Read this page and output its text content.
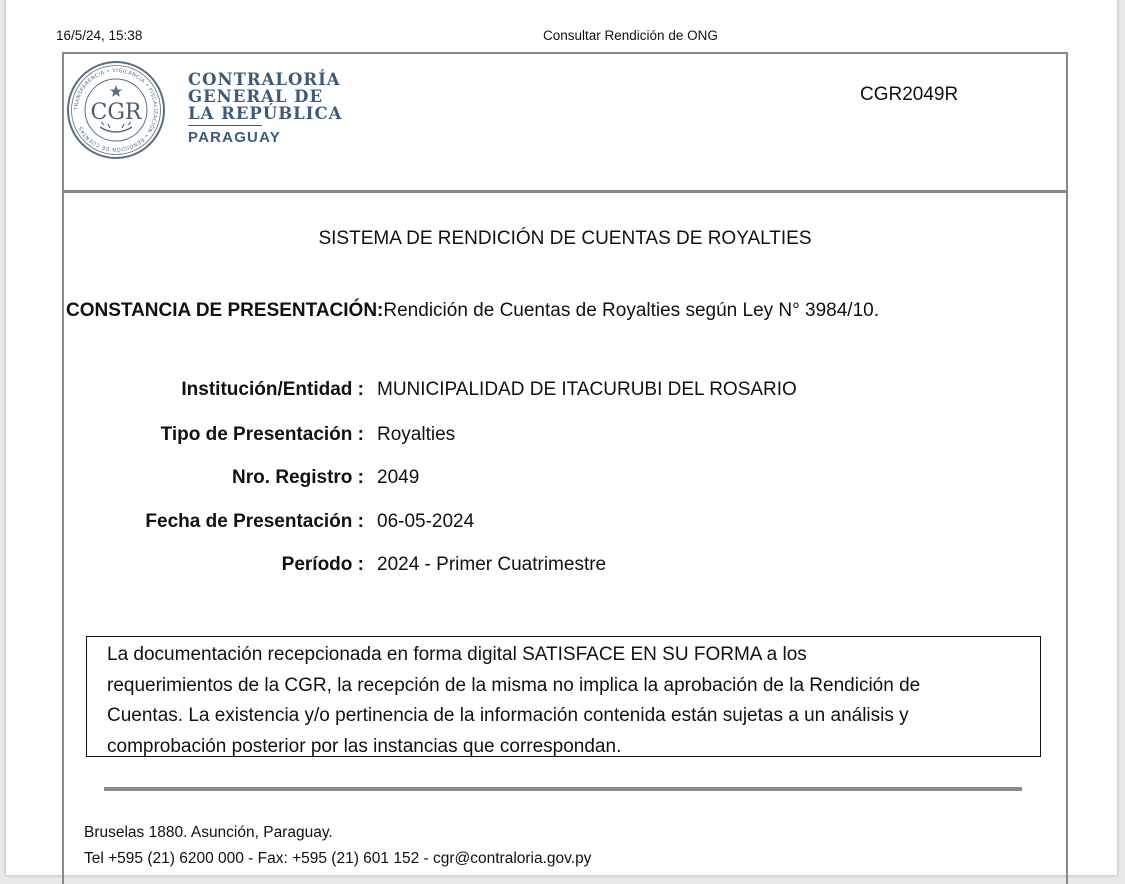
16/5/24, 15:38	Consultar Rendición de ONG
TRANSPARENCIA • VIGILANCIA • FISCALIZACIÓN • RENDICIÓN DE CUENTAS
CGR
CONTRALORÍA
GENERAL DE
LA REPÚBLICA
PARAGUAY
CGR2049R
SISTEMA DE RENDICIÓN DE CUENTAS DE ROYALTIES
CONSTANCIA DE PRESENTACIÓN:Rendición de Cuentas de Royalties según Ley N° 3984/10.
Institución/Entidad : MUNICIPALIDAD DE ITACURUBI DEL ROSARIO
Tipo de Presentación : Royalties
Nro. Registro : 2049
Fecha de Presentación : 06-05-2024
Período : 2024 - Primer Cuatrimestre
La documentación recepcionada en forma digital SATISFACE EN SU FORMA a los
requerimientos de la CGR, la recepción de la misma no implica la aprobación de la Rendición de
Cuentas. La existencia y/o pertinencia de la información contenida están sujetas a un análisis y
comprobación posterior por las instancias que correspondan.
Bruselas 1880. Asunción, Paraguay.
Tel +595 (21) 6200 000 - Fax: +595 (21) 601 152 - cgr@contraloria.gov.py
